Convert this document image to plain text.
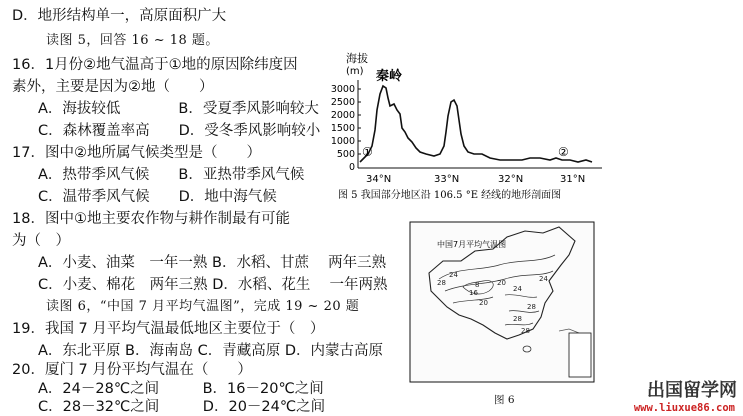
D．地形结构单一，高原面积广大
读图 5，回答 16 ~ 18 题。
16．1月份②地气温高于①地的原因除纬度因
素外，主要是因为②地（　　）
A．海拔较低　　　　B．受夏季风影响较大
C．森林覆盖率高　　D．受冬季风影响较小
17．图中②地所属气候类型是（　　）
A．热带季风气候　　B．亚热带季风气候
C．温带季风气候　　D．地中海气候
18．图中①地主要农作物与耕作制最有可能
为（　）
A．小麦、油菜　一年一熟 B．水稻、甘蔗　 两年三熟
C．小麦、棉花　两年三熟 D．水稻、花生　 一年两熟
读图 6，“中国 7 月平均气温图”，完成 19 ~ 20 题
19．我国 7 月平均气温最低地区主要位于（　）
A．东北平原 B．海南岛 C．青藏高原 D．内蒙古高原
20．厦门 7 月份平均气温在（　　）
A．24－28℃之间　　　B．16－20℃之间
海拔
(m)
3000
2500
2000
1500
1000
500
0
秦岭
①	②
34°N	33°N	32°N	31°N
图 5 我国部分地区沿 106.5 °E 经线的地形剖面图
中国7月平均气温图
24
28
16
20
24
28
8	20	24
28
28
图 6	出国留学网
www.liuxue86.com
C．28－32℃之间　　　D．20－24℃之间
